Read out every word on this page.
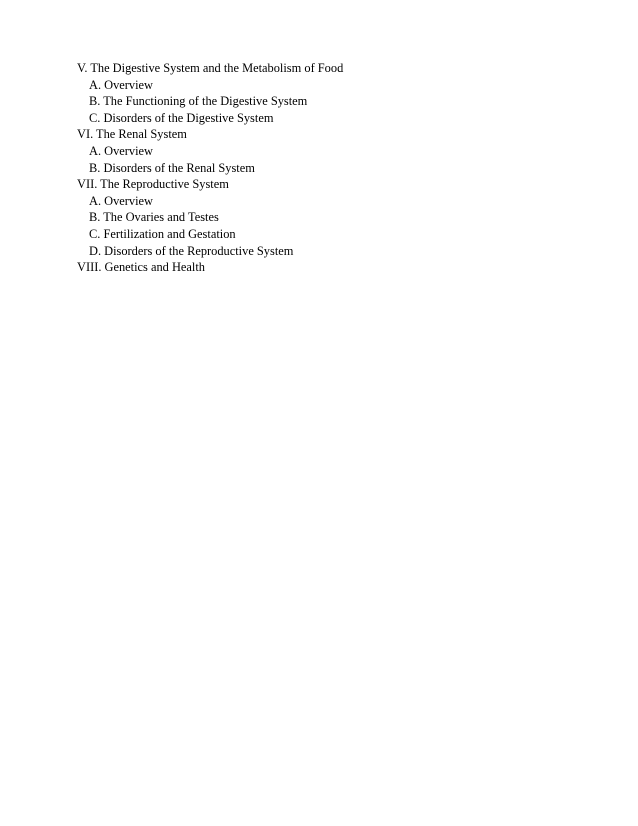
V. The Digestive System and the Metabolism of Food
A. Overview
B. The Functioning of the Digestive System
C. Disorders of the Digestive System
VI. The Renal System
A. Overview
B. Disorders of the Renal System
VII. The Reproductive System
A. Overview
B. The Ovaries and Testes
C. Fertilization and Gestation
D. Disorders of the Reproductive System
VIII. Genetics and Health
